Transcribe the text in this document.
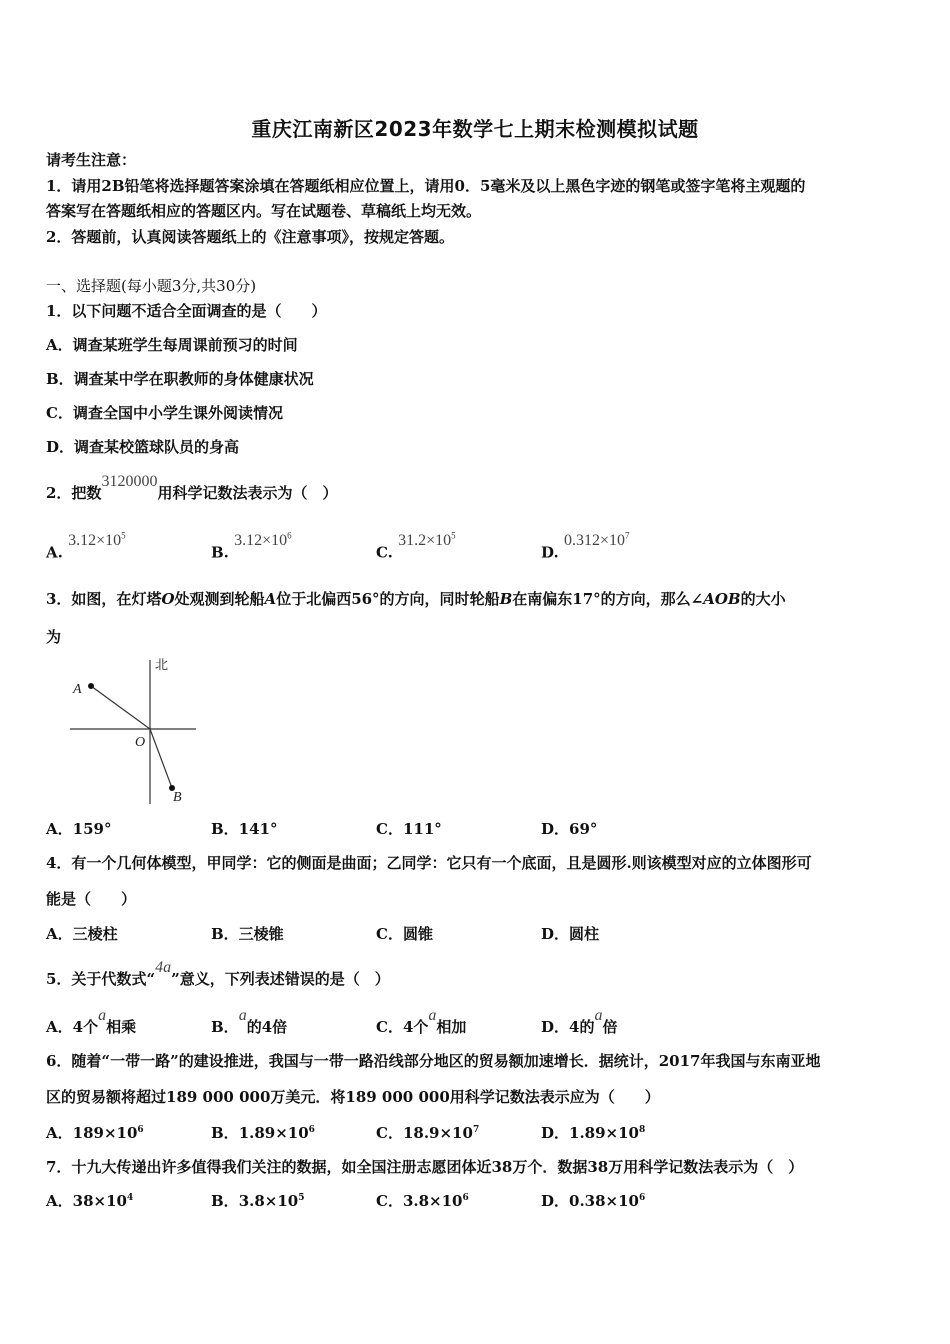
重庆江南新区2023年数学七上期末检测模拟试题
请考生注意：
1．请用2B铅笔将选择题答案涂填在答题纸相应位置上，请用0．5毫米及以上黑色字迹的钢笔或签字笔将主观题的
答案写在答题纸相应的答题区内。写在试题卷、草稿纸上均无效。
2．答题前，认真阅读答题纸上的《注意事项》，按规定答题。
一、选择题(每小题3分,共30分)
1．以下问题不适合全面调查的是（　　）
A．调查某班学生每周课前预习的时间
B．调查某中学在职教师的身体健康状况
C．调查全国中小学生课外阅读情况
D．调查某校篮球队员的身高
2．把数3120000用科学记数法表示为（　）
A. $3.12\times 10^5$
B. $3.12\times 10^6$
C. $31.2\times 10^5$
D. $0.312\times 10^7$
3．如图，在灯塔O处观测到轮船A位于北偏西56°的方向，同时轮船B在南偏东17°的方向，那么∠AOB的大小
为
北
A
O
B
A．159°	B．141°	C．111°	D．69°
4．有一个几何体模型，甲同学：它的侧面是曲面；乙同学：它只有一个底面，且是圆形.则该模型对应的立体图形可
能是（　　）
A．三棱柱	B．三棱锥	C．圆锥	D．圆柱
5．关于代数式“4a”意义，下列表述错误的是（　）
A．4个a相乘	B．a的4倍	C．4个a相加	D．4的a倍
6．随着“一带一路”的建设推进，我国与一带一路沿线部分地区的贸易额加速增长．据统计，2017年我国与东南亚地
区的贸易额将超过189 000 000万美元．将189 000 000用科学记数法表示应为（　　）
A．$189\times 10^6$	B．$1.89\times 10^6$	C．$18.9\times 10^7$	D．$1.89\times 10^8$
7．十九大传递出许多值得我们关注的数据，如全国注册志愿团体近38万个．数据38万用科学记数法表示为（　）
A．$38\times 10^4$	B．$3.8\times 10^5$	C．$3.8\times 10^6$	D．$0.38\times 10^6$
